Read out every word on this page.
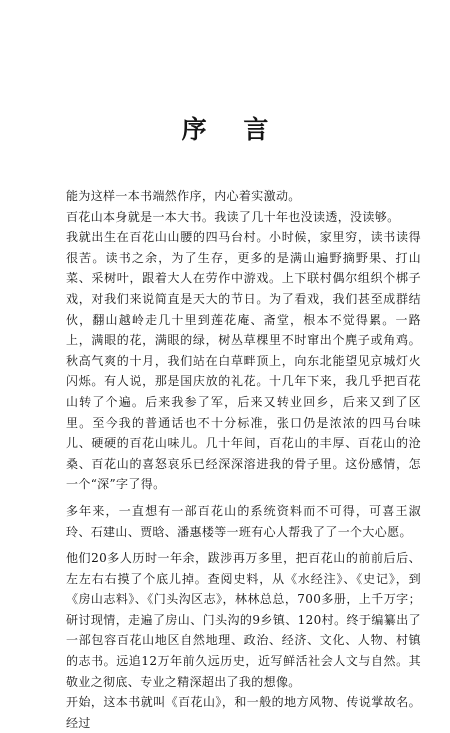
序 言

能为这样一本书端然作序，内心着实激动。

百花山本身就是一本大书。我读了几十年也没读透，没读够。

我就出生在百花山山腰的四马台村。小时候，家里穷，读书读得很苦。读书之余，为了生存，更多的是满山遍野摘野果、打山菜、采树叶，跟着大人在劳作中游戏。上下联村偶尔组织个梆子戏，对我们来说简直是天大的节日。为了看戏，我们甚至成群结伙，翻山越岭走几十里到莲花庵、斋堂，根本不觉得累。一路上，满眼的花，满眼的绿，树丛草棵里不时窜出个麂子或角鸡。秋高气爽的十月，我们站在白草畔顶上，向东北能望见京城灯火闪烁。有人说，那是国庆放的礼花。十几年下来，我几乎把百花山转了个遍。后来我参了军，后来又转业回乡，后来又到了区里。至今我的普通话也不十分标准，张口仍是浓浓的四马台味儿、硬硬的百花山味儿。几十年间，百花山的丰厚、百花山的沧桑、百花山的喜怒哀乐已经深深溶进我的骨子里。这份感情，怎一个“深”字了得。

多年来，一直想有一部百花山的系统资料而不可得，可喜王淑玲、石建山、贾晗、潘惠楼等一班有心人帮我了了一个大心愿。

他们20多人历时一年余，跋涉再万多里，把百花山的前前后后、左左右右摸了个底儿掉。查阅史料，从《水经注》、《史记》，到《房山志料》、《门头沟区志》，林林总总，700多册，上千万字；研讨现情，走遍了房山、门头沟的9乡镇、120村。终于编纂出了一部包容百花山地区自然地理、政治、经济、文化、人物、村镇的志书。远追12万年前久远历史，近写鲜活社会人文与自然。其敬业之彻底、专业之精深超出了我的想像。

开始，这本书就叫《百花山》，和一般的地方风物、传说掌故名。经过
